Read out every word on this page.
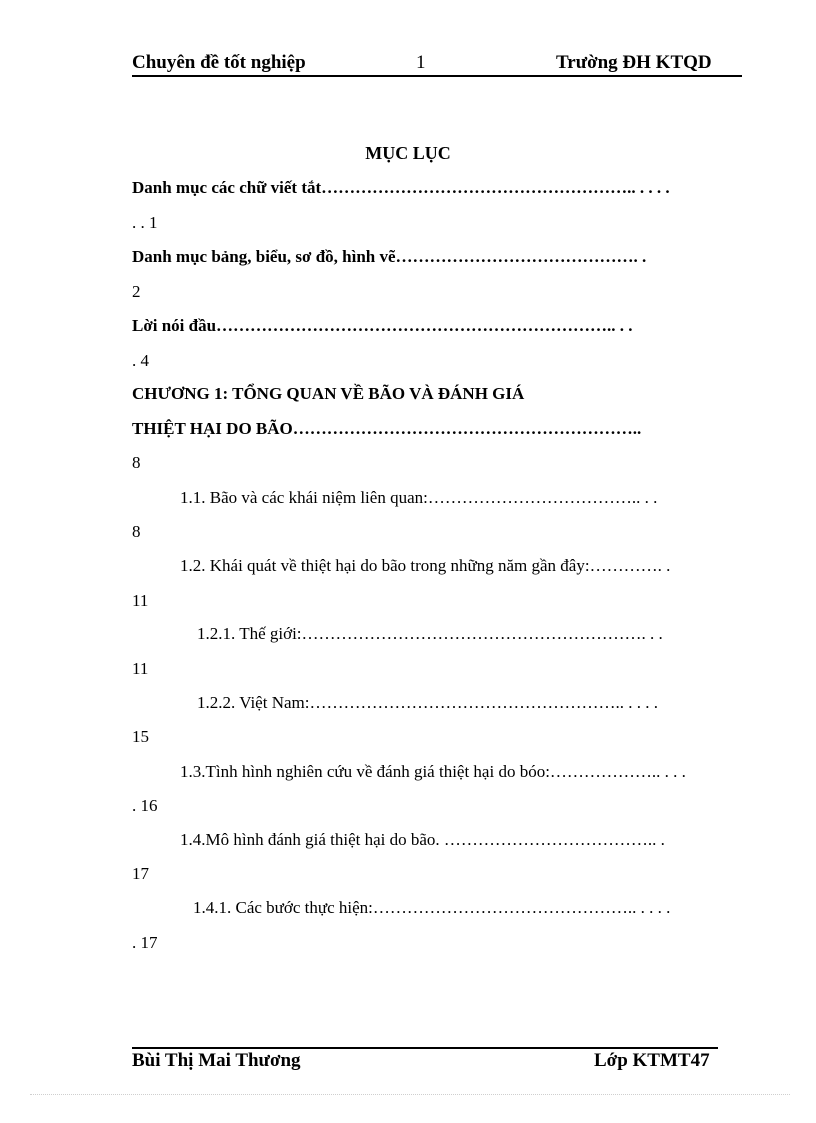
Chuyên đề tốt nghiệp	1	Trường ĐH KTQD
MỤC LỤC
Danh mục các chữ viết tắt……………………………………………….. . . . .
. . 1
Danh mục bảng, biểu, sơ đồ, hình vẽ……………………………………. .
2
Lời nói đầu…………………………………………………………….. . .
. 4
CHƯƠNG 1: TỔNG QUAN VỀ BÃO VÀ ĐÁNH GIÁ
THIỆT HẠI DO BÃO……………………………………………………..
8
1.1. Bão và các khái niệm liên quan:……………………………….. . .
8
1.2. Khái quát về thiệt hại do bão trong những năm gần đây:…………. .
11
1.2.1. Thế giới:……………………………………………………. . .
11
1.2.2. Việt Nam:……………………………………………….. . . . .
15
1.3.Tình hình nghiên cứu về đánh giá thiệt hại do bóo:……………….. . . .
. 16
1.4.Mô hình đánh giá thiệt hại do bão. ……………………………….. .
17
1.4.1. Các bước thực hiện:……………………………………….. . . . .
. 17
Bùi Thị Mai Thương	Lớp KTMT47
